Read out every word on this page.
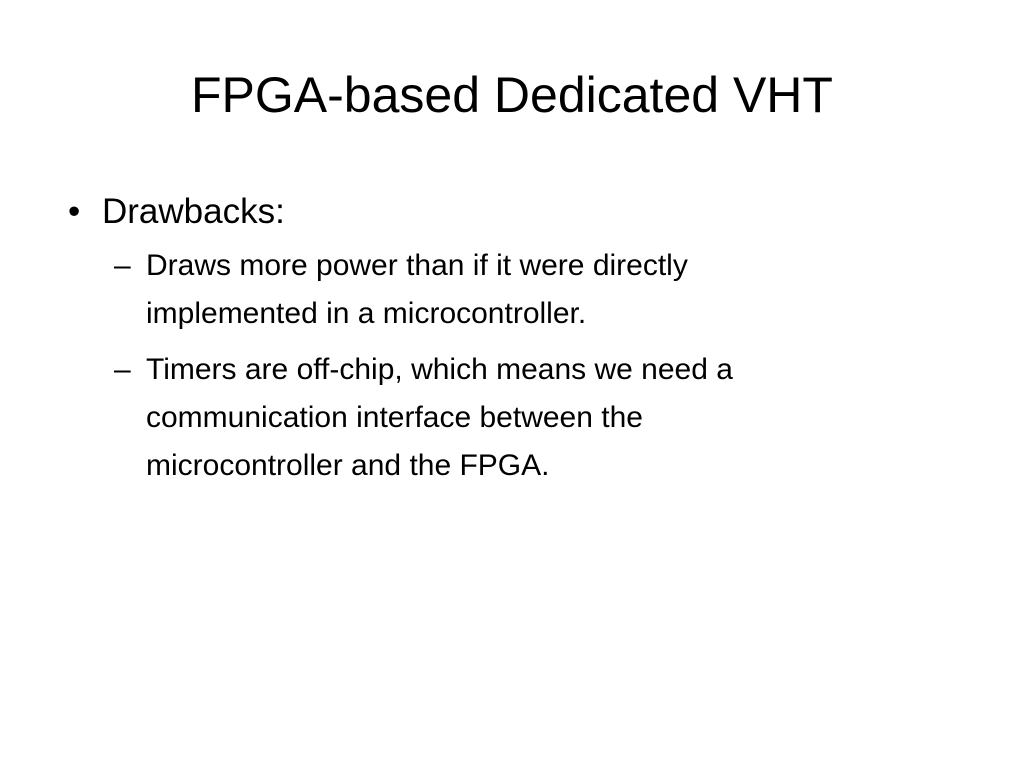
FPGA-based Dedicated VHT
• Drawbacks:
– Draws more power than if it were directly implemented in a microcontroller.
– Timers are off-chip, which means we need a communication interface between the microcontroller and the FPGA.
